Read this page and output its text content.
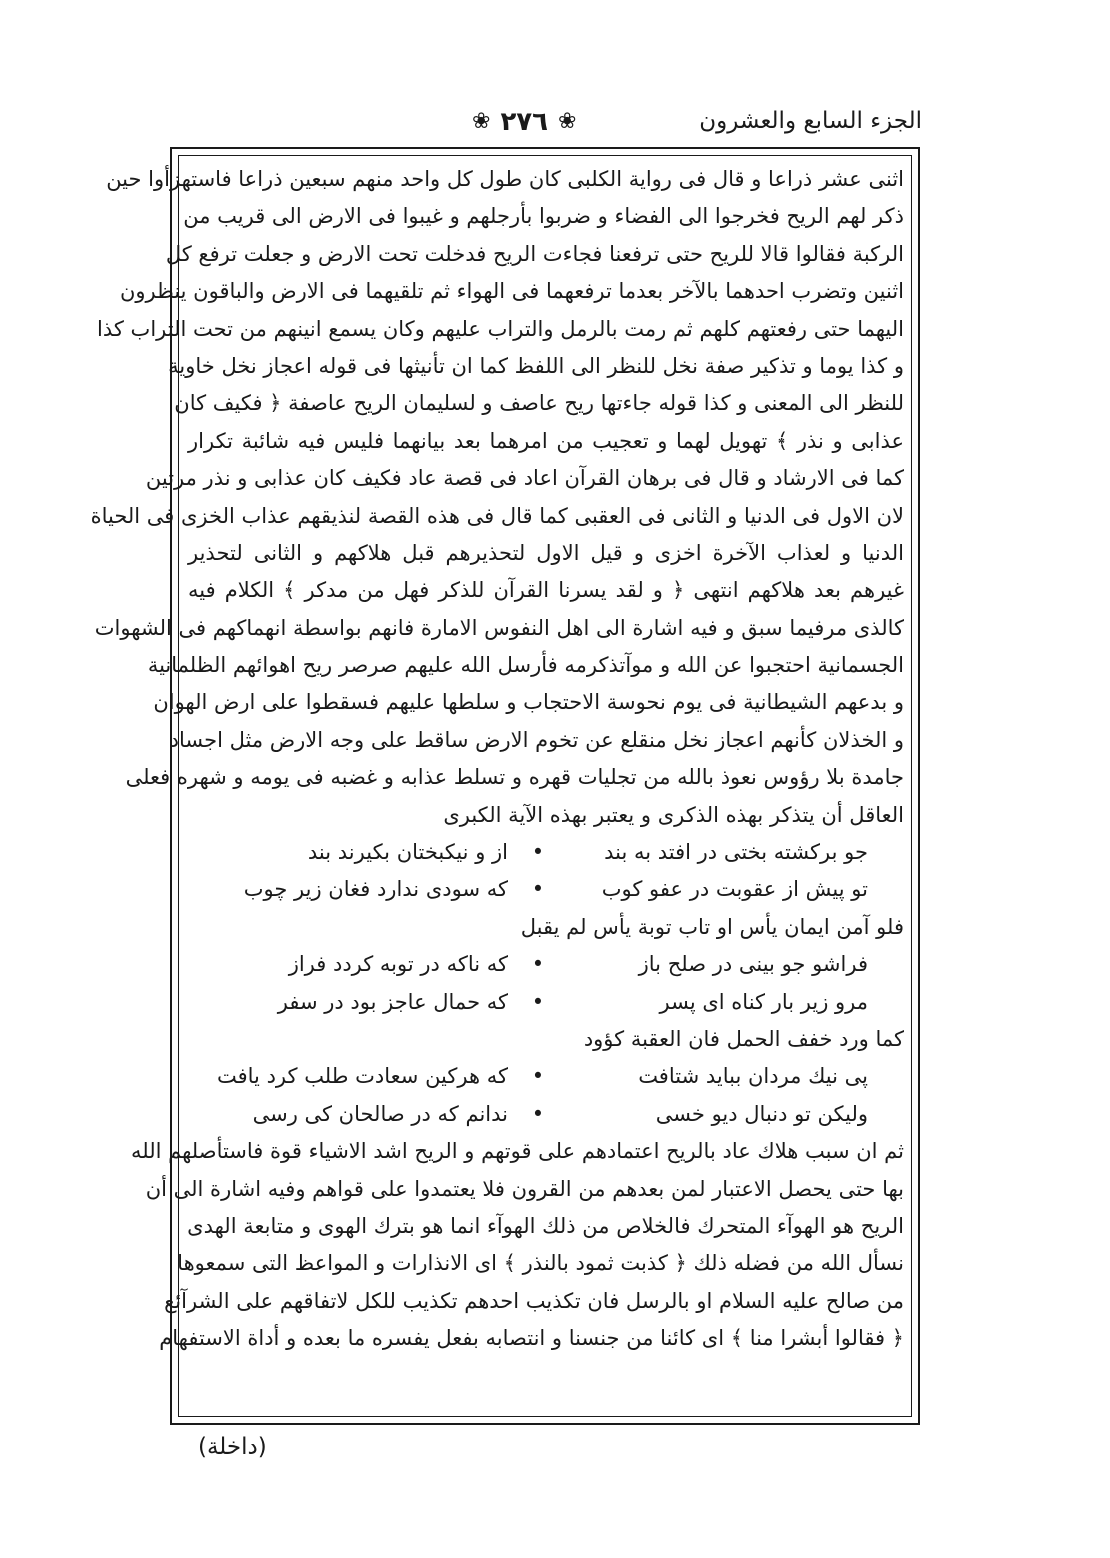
الجزء السابع والعشرون
❀ ٢٧٦ ❀
اثنى عشر ذراعا و قال فى رواية الكلبى كان طول كل واحد منهم سبعين ذراعا فاستهزأوا حين
ذكر لهم الريح فخرجوا الى الفضاء و ضربوا بأرجلهم و غيبوا فى الارض الى قريب من
الركبة فقالوا قالا للريح حتى ترفعنا فجاءت الريح فدخلت تحت الارض و جعلت ترفع كل
اثنين وتضرب احدهما بالآخر بعدما ترفعهما فى الهواء ثم تلقيهما فى الارض والباقون ينظرون
اليهما حتى رفعتهم كلهم ثم رمت بالرمل والتراب عليهم وكان يسمع انينهم من تحت التراب كذا
و كذا يوما و تذكير صفة نخل للنظر الى اللفظ كما ان تأنيثها فى قوله اعجاز نخل خاوية
للنظر الى المعنى و كذا قوله جاءتها ريح عاصف و لسليمان الريح عاصفة ﴿ فكيف كان
عذابى و نذر ﴾ تهويل لهما و تعجيب من امرهما بعد بيانهما فليس فيه شائبة تكرار
كما فى الارشاد و قال فى برهان القرآن اعاد فى قصة عاد فكيف كان عذابى و نذر مرتين
لان الاول فى الدنيا و الثانى فى العقبى كما قال فى هذه القصة لنذيقهم عذاب الخزى فى الحياة
الدنيا و لعذاب الآخرة اخزى و قيل الاول لتحذيرهم قبل هلاكهم و الثانى لتحذير
غيرهم بعد هلاكهم انتهى ﴿ و لقد يسرنا القرآن للذكر فهل من مدكر ﴾ الكلام فيه
كالذى مرفيما سبق و فيه اشارة الى اهل النفوس الامارة فانهم بواسطة انهماكهم فى الشهوات
الجسمانية احتجبوا عن الله و موآتذكرمه فأرسل الله عليهم صرصر ريح اهوائهم الظلمانية
و بدعهم الشيطانية فى يوم نحوسة الاحتجاب و سلطها عليهم فسقطوا على ارض الهوان
و الخذلان كأنهم اعجاز نخل منقلع عن تخوم الارض ساقط على وجه الارض مثل اجساد
جامدة بلا رؤوس نعوذ بالله من تجليات قهره و تسلط عذابه و غضبه فى يومه و شهره فعلى
العاقل أن يتذكر بهذه الذكرى و يعتبر بهذه الآية الكبرى
جو بركشته بختى در افتد به بند
•
از و نيكبختان بكيرند بند
تو پيش از عقوبت در عفو كوب
•
كه سودى ندارد فغان زير چوب
فلو آمن ايمان يأس او تاب توبة يأس لم يقبل
فراشو جو بينى در صلح باز
•
كه ناكه در توبه كردد فراز
مرو زير بار كناه اى پسر
•
كه حمال عاجز بود در سفر
كما ورد خفف الحمل فان العقبة كؤود
پى نيك مردان ببايد شتافت
•
كه هركين سعادت طلب كرد يافت
وليكن تو دنبال ديو خسى
•
ندانم كه در صالحان كى رسى
ثم ان سبب هلاك عاد بالريح اعتمادهم على قوتهم و الريح اشد الاشياء قوة فاستأصلهم الله
بها حتى يحصل الاعتبار لمن بعدهم من القرون فلا يعتمدوا على قواهم وفيه اشارة الى أن
الريح هو الهوآء المتحرك فالخلاص من ذلك الهوآء انما هو بترك الهوى و متابعة الهدى
نسأل الله من فضله ذلك ﴿ كذبت ثمود بالنذر ﴾ اى الانذارات و المواعظ التى سمعوها
من صالح عليه السلام او بالرسل فان تكذيب احدهم تكذيب للكل لاتفاقهم على الشرآئع
﴿ فقالوا أبشرا منا ﴾ اى كائنا من جنسنا و انتصابه بفعل يفسره ما بعده و أداة الاستفهام
(داخلة)
